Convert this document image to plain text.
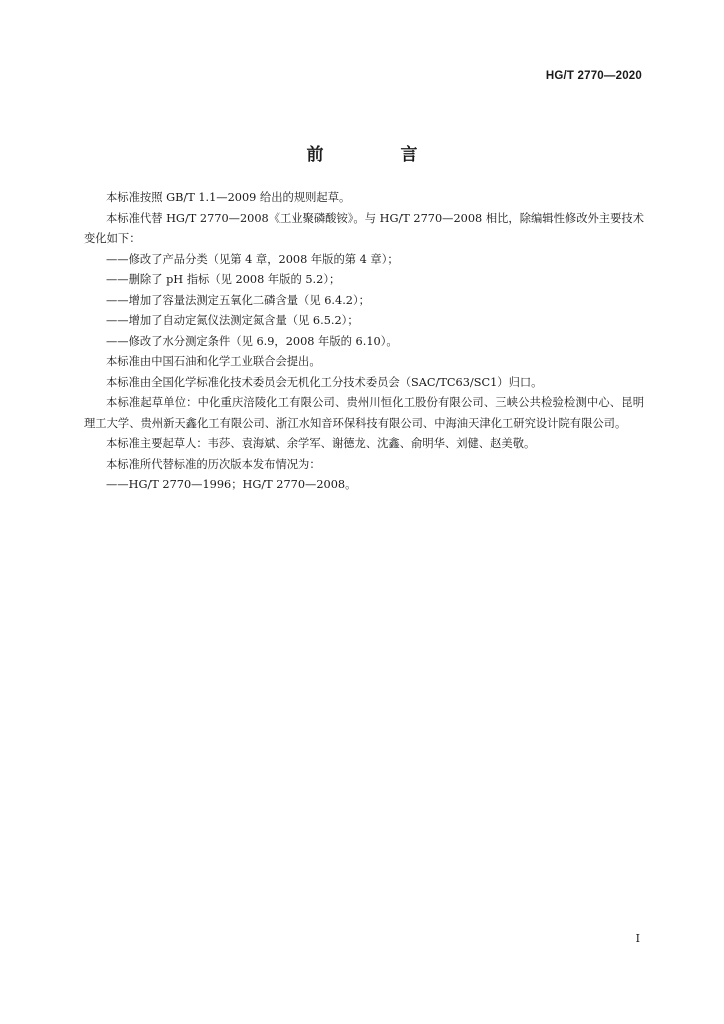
HG/T 2770—2020
前　言

本标准按照 GB/T 1.1—2009 给出的规则起草。

本标准代替 HG/T 2770—2008《工业聚磷酸铵》。与 HG/T 2770—2008 相比，除编辑性修改外主要技术变化如下：

——修改了产品分类（见第 4 章，2008 年版的第 4 章）；

——删除了 pH 指标（见 2008 年版的 5.2）；

——增加了容量法测定五氧化二磷含量（见 6.4.2）；

——增加了自动定氮仪法测定氮含量（见 6.5.2）；

——修改了水分测定条件（见 6.9，2008 年版的 6.10）。

本标准由中国石油和化学工业联合会提出。

本标准由全国化学标准化技术委员会无机化工分技术委员会（SAC/TC63/SC1）归口。

本标准起草单位：中化重庆涪陵化工有限公司、贵州川恒化工股份有限公司、三峡公共检验检测中心、昆明理工大学、贵州新天鑫化工有限公司、浙江水知音环保科技有限公司、中海油天津化工研究设计院有限公司。

本标准主要起草人：韦莎、袁海斌、余学军、谢德龙、沈鑫、俞明华、刘健、赵美敬。

本标准所代替标准的历次版本发布情况为：

——HG/T 2770—1996；HG/T 2770—2008。

I
